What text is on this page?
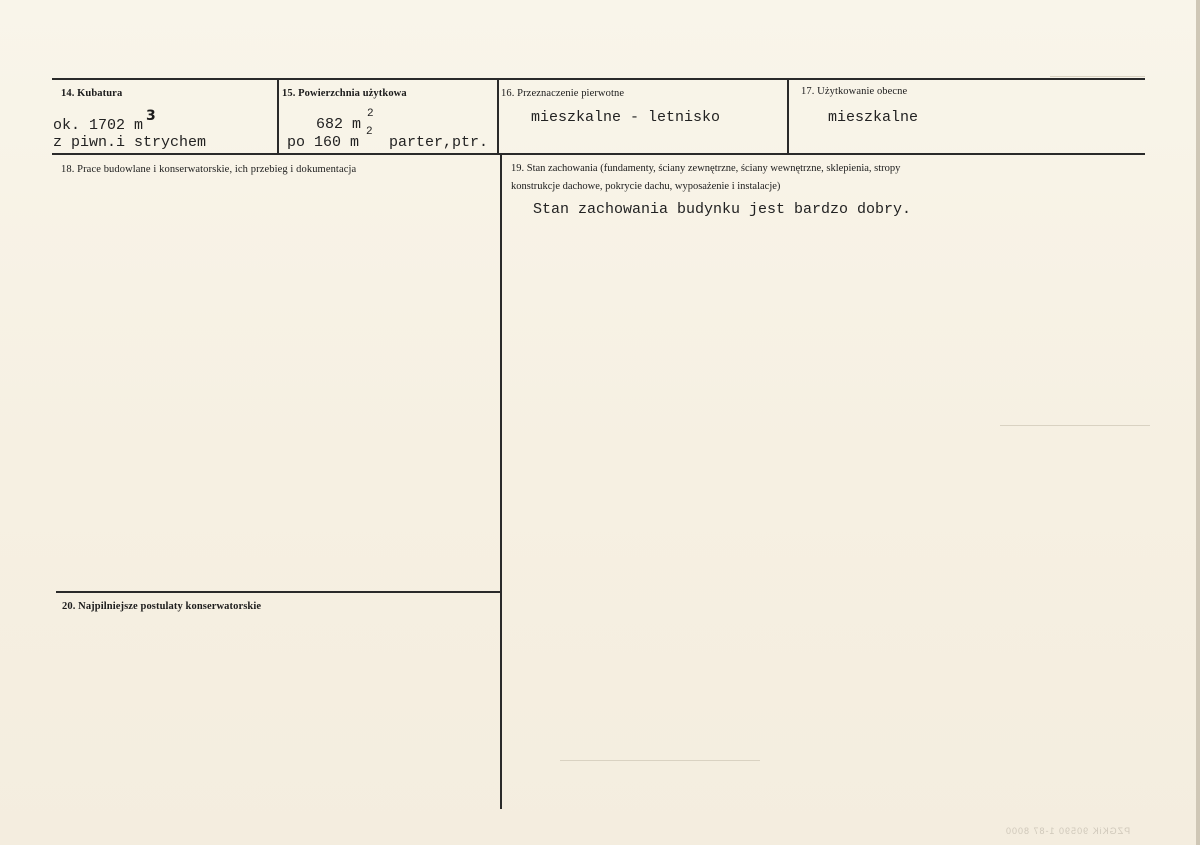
14. Kubatura
ok. 1702 m
3
z piwn.i strychem
15. Powierzchnia użytkowa
682 m
2
po 160 m
2
parter,ptr.
16. Przeznaczenie pierwotne
mieszkalne - letnisko
17. Użytkowanie obecne
mieszkalne
18. Prace budowlane i konserwatorskie, ich przebieg i dokumentacja	19. Stan zachowania (fundamenty, ściany zewnętrzne, ściany wewnętrzne, sklepienia, stropy
konstrukcje dachowe, pokrycie dachu, wyposażenie i instalacje)
Stan zachowania budynku jest bardzo dobry.
20. Najpilniejsze postulaty konserwatorskie
PZGKiK 90590 1-87 8000
